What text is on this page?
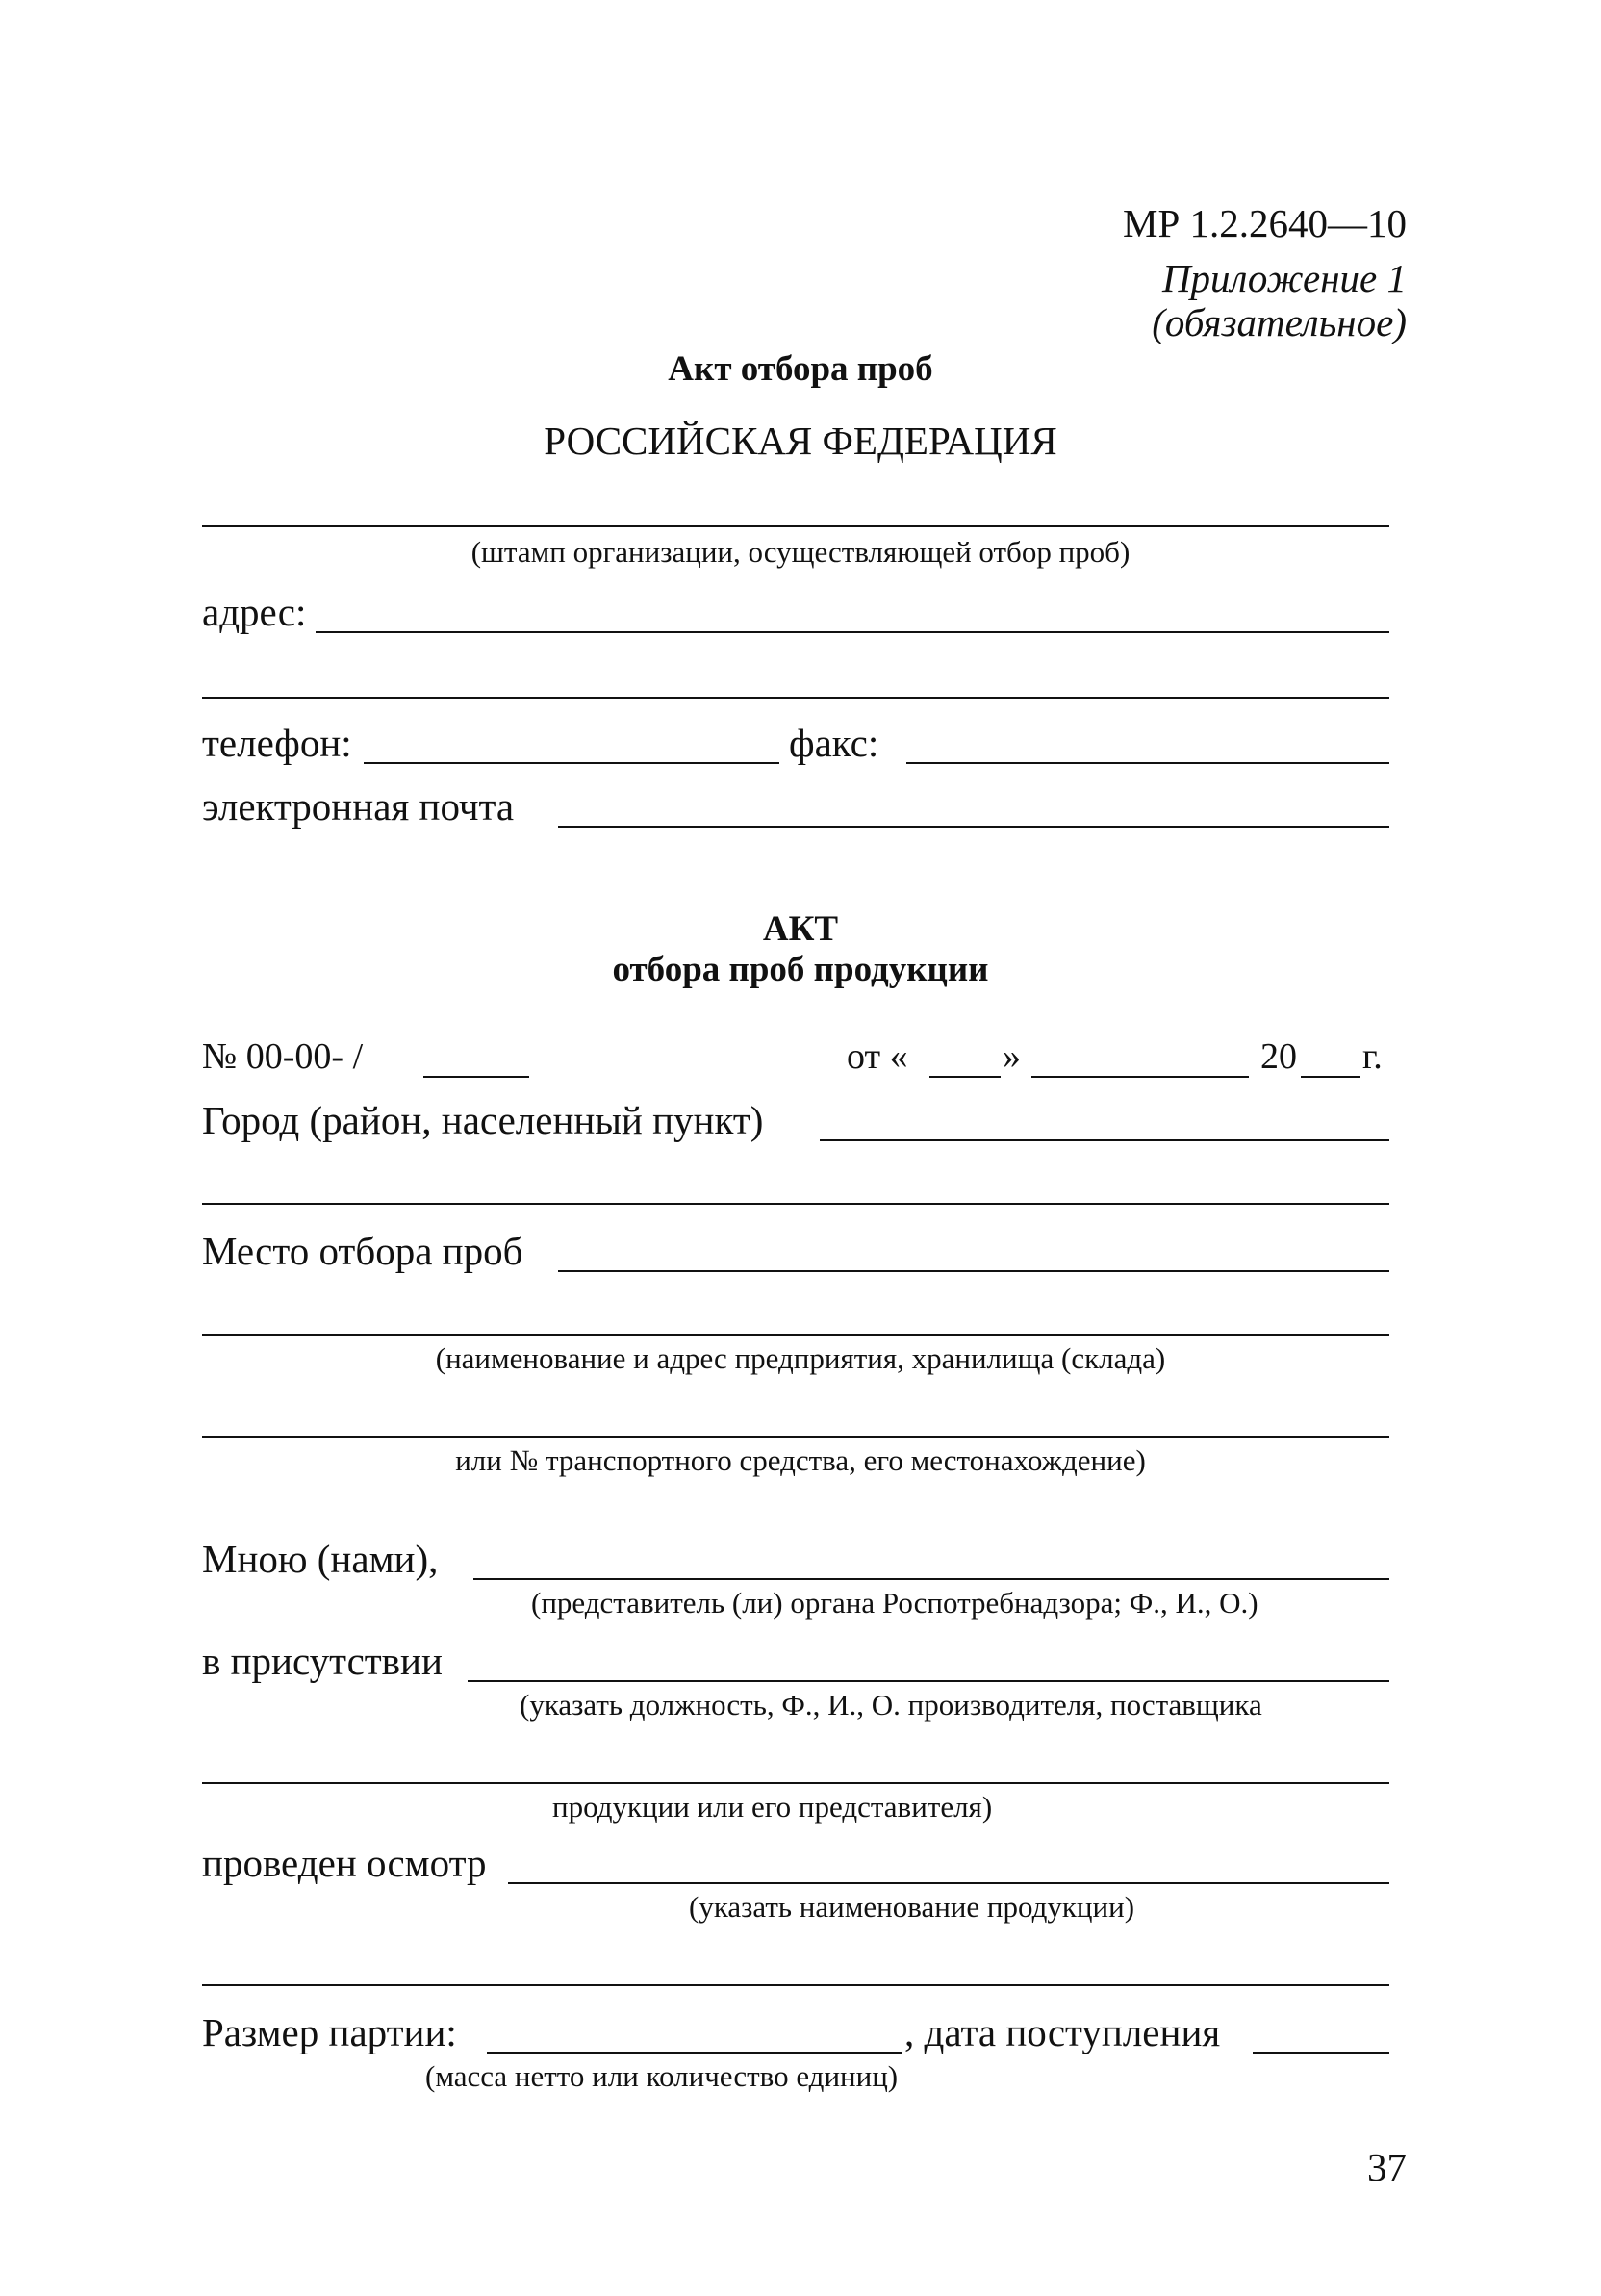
МР 1.2.2640—10
Приложение 1
(обязательное)
Акт отбора проб
РОССИЙСКАЯ ФЕДЕРАЦИЯ
(штамп организации, осуществляющей отбор проб)
адрес:
телефон:	факс:
электронная почта
АКТ
отбора проб продукции
№ 00-00- /	от «	»	20 г.
Город (район, населенный пункт)
Место отбора проб
(наименование и адрес предприятия, хранилища (склада)
или № транспортного средства, его местонахождение)
Мною (нами),
(представитель (ли) органа Роспотребнадзора; Ф., И., О.)
в присутствии
(указать должность, Ф., И., О. производителя, поставщика
продукции или его представителя)
проведен осмотр
(указать наименование продукции)
Размер партии:	, дата поступления
(масса нетто или количество единиц)
37
